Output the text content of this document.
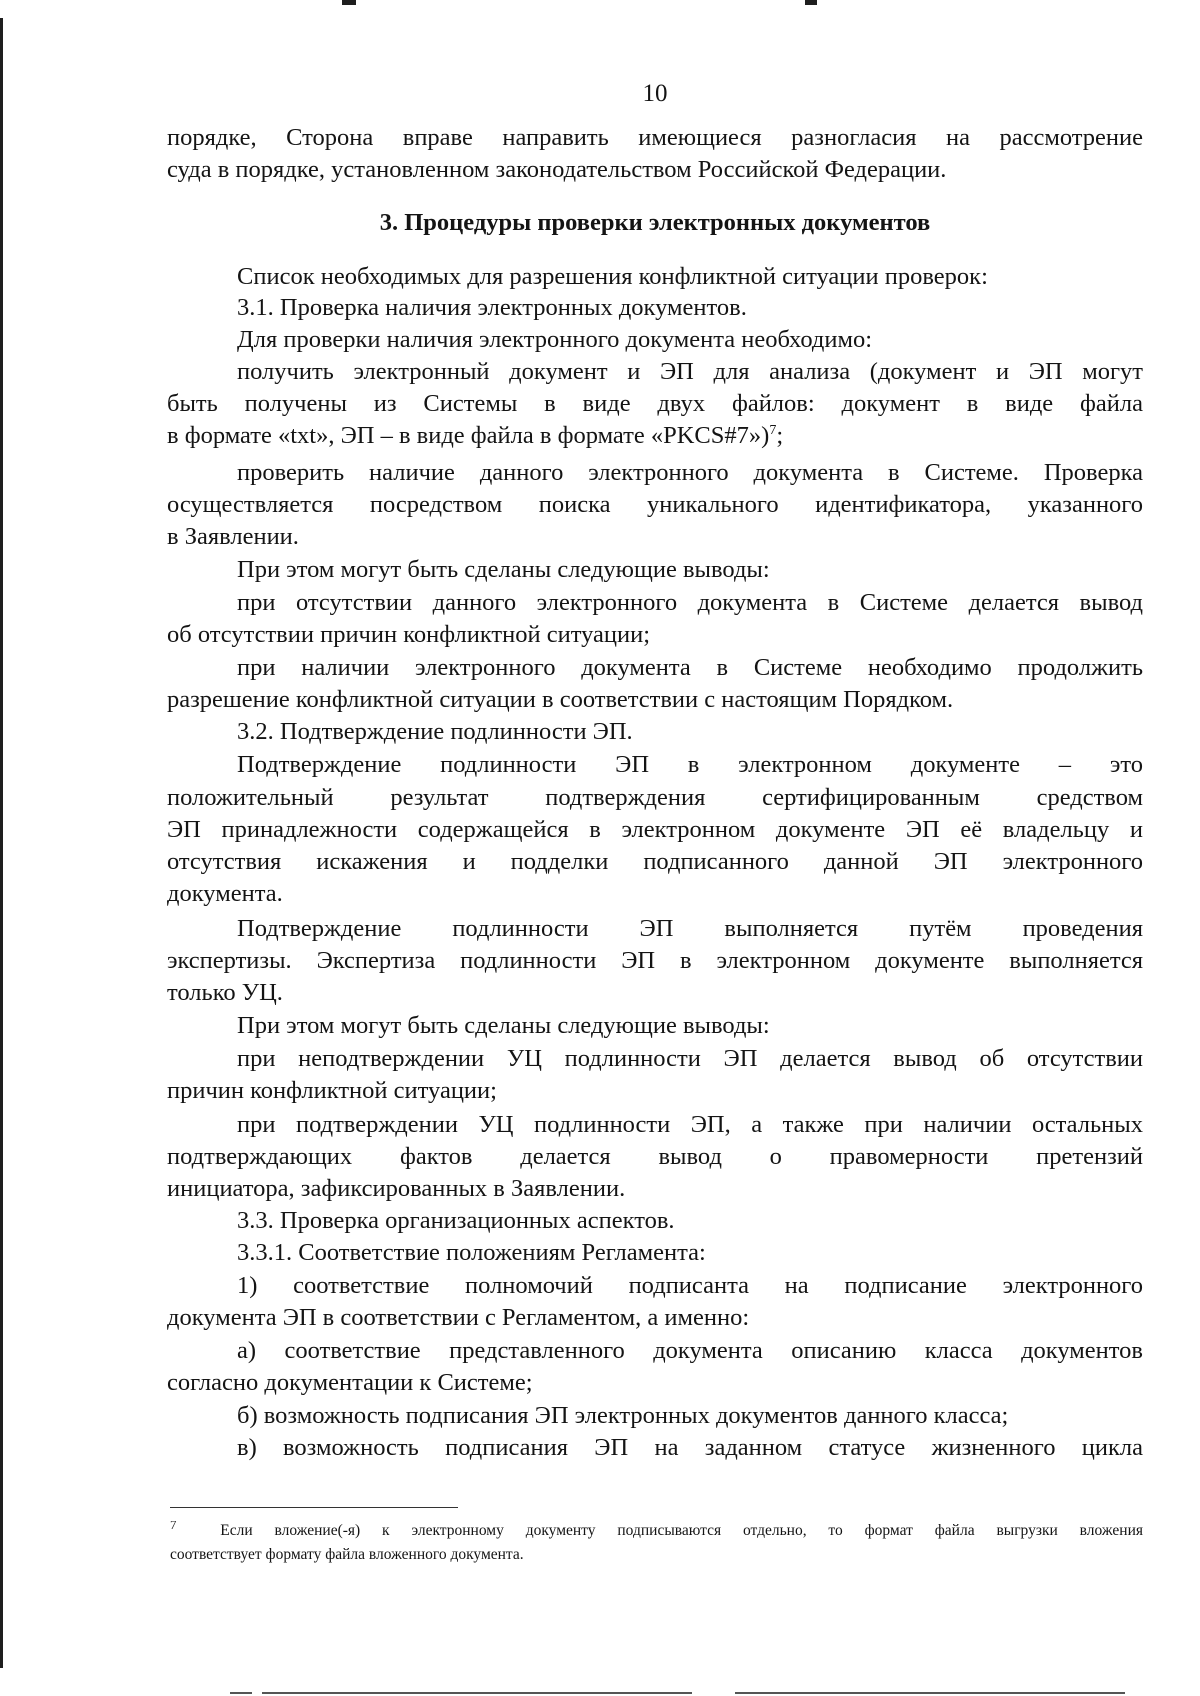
10
порядке, Сторона вправе направить имеющиеся разногласия на рассмотрение
суда в порядке, установленном законодательством Российской Федерации.
3. Процедуры проверки электронных документов
Список необходимых для разрешения конфликтной ситуации проверок:
3.1. Проверка наличия электронных документов.
Для проверки наличия электронного документа необходимо:
получить электронный документ и ЭП для анализа (документ и ЭП могут
быть получены из Системы в виде двух файлов: документ в виде файла
в формате «txt», ЭП – в виде файла в формате «PKCS#7»)$^7$;
проверить наличие данного электронного документа в Системе. Проверка
осуществляется посредством поиска уникального идентификатора, указанного
в Заявлении.
При этом могут быть сделаны следующие выводы:
при отсутствии данного электронного документа в Системе делается вывод
об отсутствии причин конфликтной ситуации;
при наличии электронного документа в Системе необходимо продолжить
разрешение конфликтной ситуации в соответствии с настоящим Порядком.
3.2. Подтверждение подлинности ЭП.
Подтверждение подлинности ЭП в электронном документе – это
положительный результат подтверждения сертифицированным средством
ЭП принадлежности содержащейся в электронном документе ЭП её владельцу и
отсутствия искажения и подделки подписанного данной ЭП электронного
документа.
Подтверждение подлинности ЭП выполняется путём проведения
экспертизы. Экспертиза подлинности ЭП в электронном документе выполняется
только УЦ.
При этом могут быть сделаны следующие выводы:
при неподтверждении УЦ подлинности ЭП делается вывод об отсутствии
причин конфликтной ситуации;
при подтверждении УЦ подлинности ЭП, а также при наличии остальных
подтверждающих фактов делается вывод о правомерности претензий
инициатора, зафиксированных в Заявлении.
3.3. Проверка организационных аспектов.
3.3.1. Соответствие положениям Регламента:
1) соответствие полномочий подписанта на подписание электронного
документа ЭП в соответствии с Регламентом, а именно:
а) соответствие представленного документа описанию класса документов
согласно документации к Системе;
б) возможность подписания ЭП электронных документов данного класса;
в) возможность подписания ЭП на заданном статусе жизненного цикла
$^7$	Если вложение(-я) к электронному документу подписываются отдельно, то формат файла выгрузки вложения
соответствует формату файла вложенного документа.
